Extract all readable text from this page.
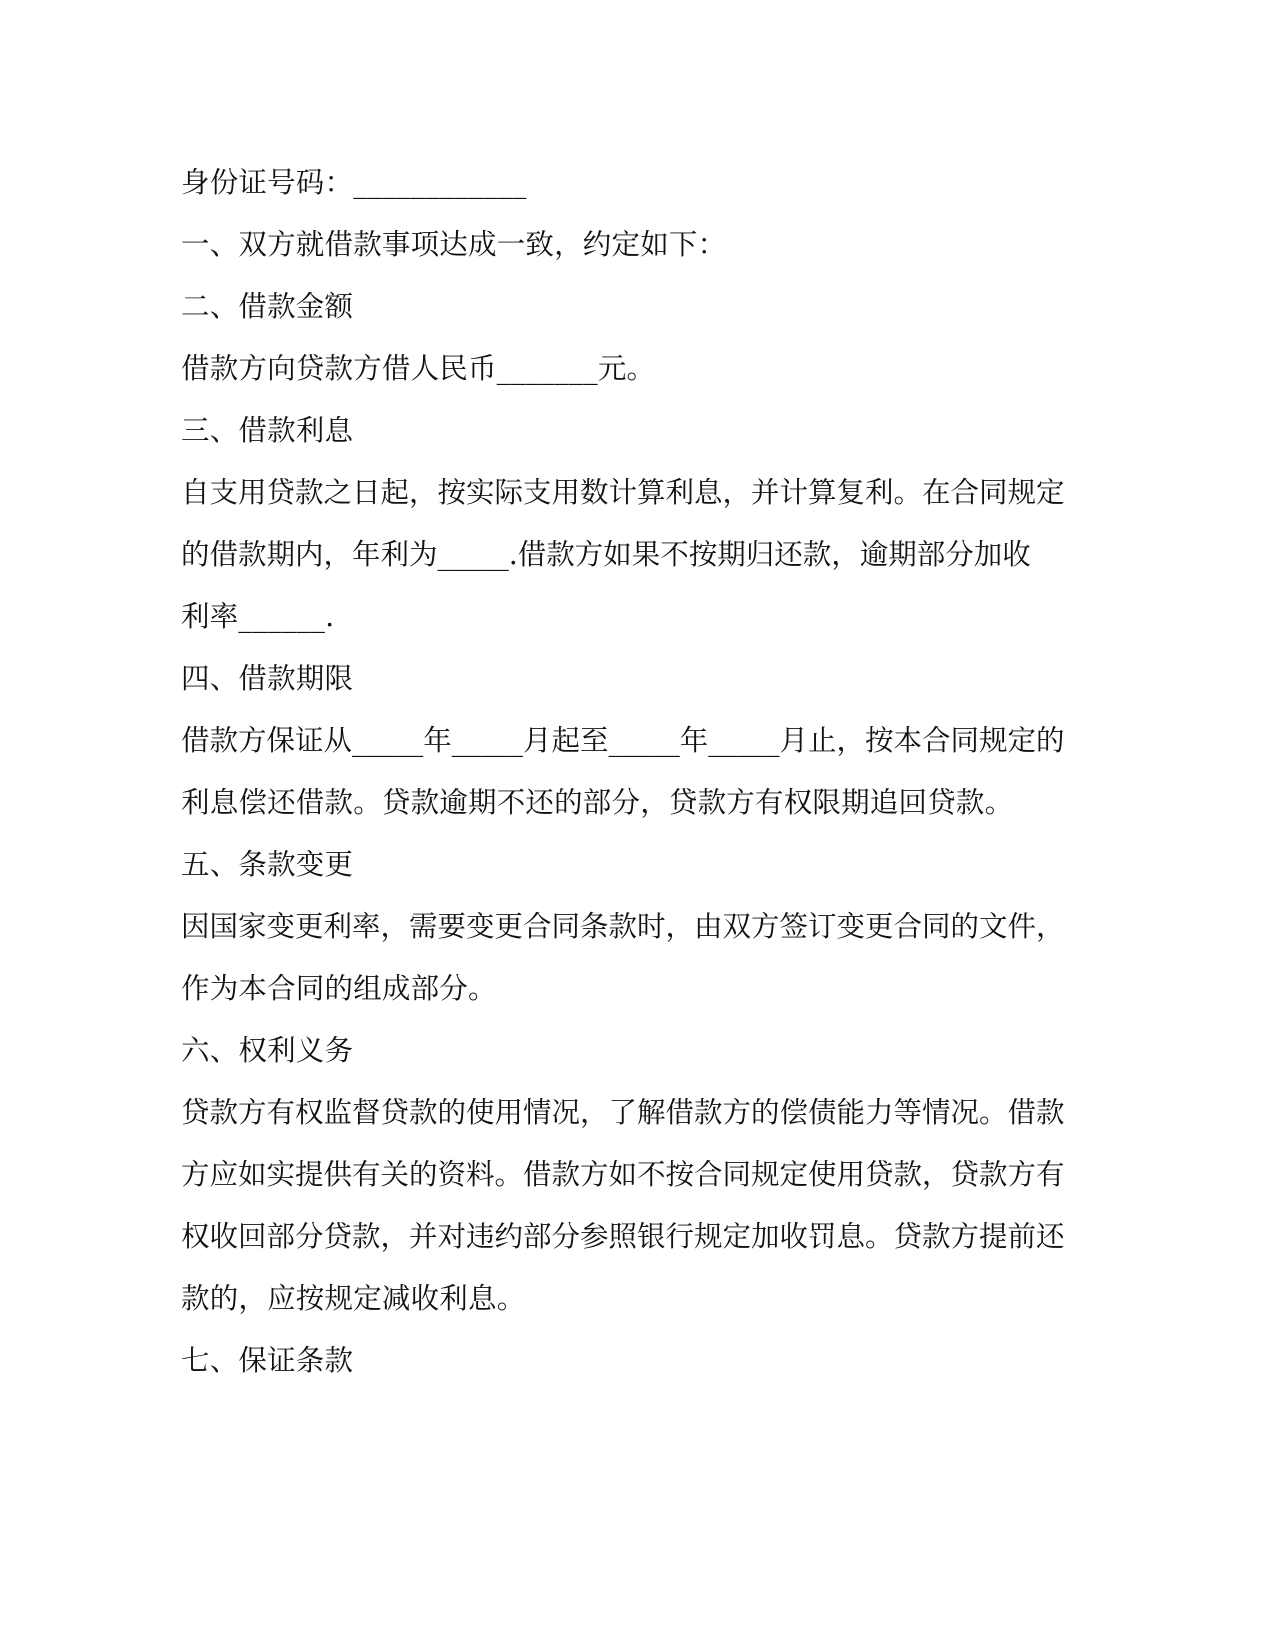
身份证号码：____________
一、双方就借款事项达成一致，约定如下：
二、借款金额
借款方向贷款方借人民币_______元。
三、借款利息
自支用贷款之日起，按实际支用数计算利息，并计算复利。在合同规定
的借款期内，年利为_____.借款方如果不按期归还款，逾期部分加收
利率______.
四、借款期限
借款方保证从_____年_____月起至_____年_____月止，按本合同规定的
利息偿还借款。贷款逾期不还的部分，贷款方有权限期追回贷款。
五、条款变更
因国家变更利率，需要变更合同条款时，由双方签订变更合同的文件，
作为本合同的组成部分。
六、权利义务
贷款方有权监督贷款的使用情况，了解借款方的偿债能力等情况。借款
方应如实提供有关的资料。借款方如不按合同规定使用贷款，贷款方有
权收回部分贷款，并对违约部分参照银行规定加收罚息。贷款方提前还
款的，应按规定减收利息。
七、保证条款
